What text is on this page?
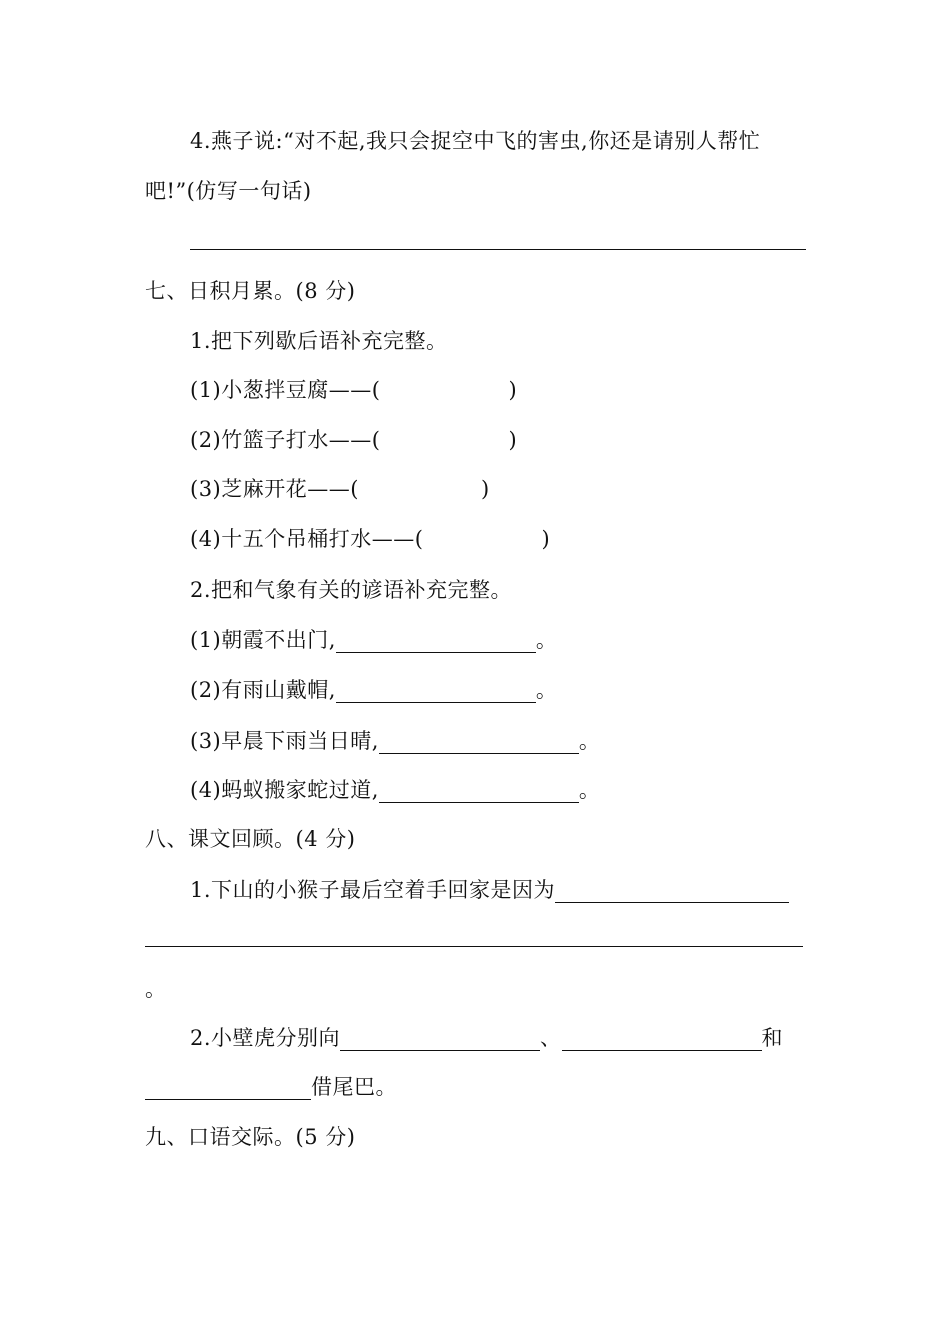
4.燕子说:“对不起,我只会捉空中飞的害虫,你还是请别人帮忙
吧!”(仿写一句话)
七、日积月累。(8 分)
1.把下列歇后语补充完整。
(1)小葱拌豆腐——(	)
(2)竹篮子打水——(	)
(3)芝麻开花——(	)
(4)十五个吊桶打水——(	)
2.把和气象有关的谚语补充完整。
(1)朝霞不出门,	。
(2)有雨山戴帽,	。
(3)早晨下雨当日晴,	。
(4)蚂蚁搬家蛇过道,	。
八、课文回顾。(4 分)
1.下山的小猴子最后空着手回家是因为
。
2.小壁虎分别向	、	和
借尾巴。
九、口语交际。(5 分)
